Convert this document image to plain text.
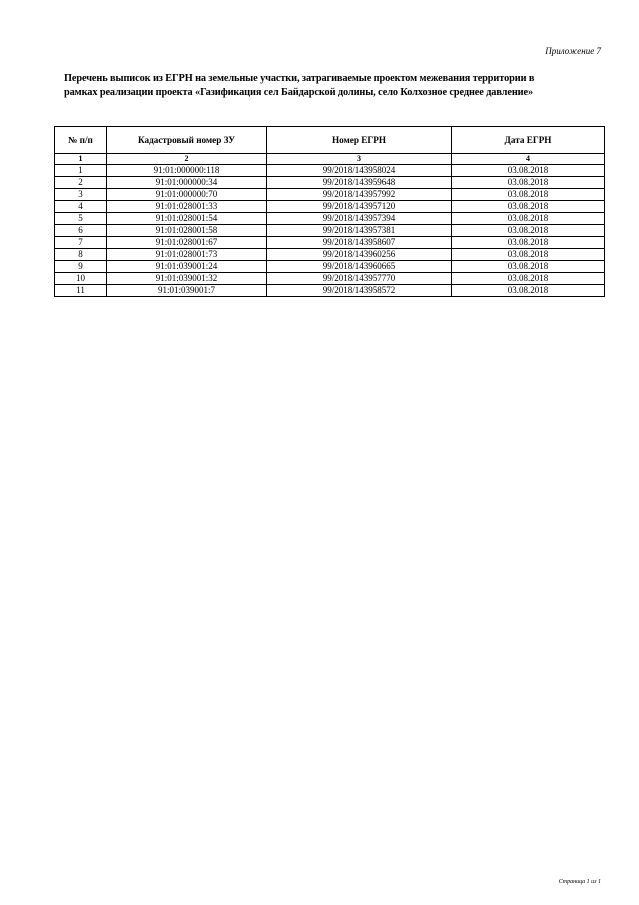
Приложение 7
Перечень выписок из ЕГРН на земельные участки, затрагиваемые проектом межевания территории в
рамках реализации проекта «Газификация сел Байдарской долины, село Колхозное среднее давление»
№ п/п	Кадастровый номер ЗУ	Номер ЕГРН	Дата ЕГРН
1	2	3	4
1	91:01:000000:118	99/2018/143958024	03.08.2018
2	91:01:000000:34	99/2018/143959648	03.08.2018
3	91:01:000000:70	99/2018/143957992	03.08.2018
4	91:01:028001:33	99/2018/143957120	03.08.2018
5	91:01:028001:54	99/2018/143957394	03.08.2018
6	91:01:028001:58	99/2018/143957381	03.08.2018
7	91:01:028001:67	99/2018/143958607	03.08.2018
8	91:01:028001:73	99/2018/143960256	03.08.2018
9	91:01:039001:24	99/2018/143960665	03.08.2018
10	91:01:039001:32	99/2018/143957770	03.08.2018
11	91:01:039001:7	99/2018/143958572	03.08.2018
Страница 1 из 1
